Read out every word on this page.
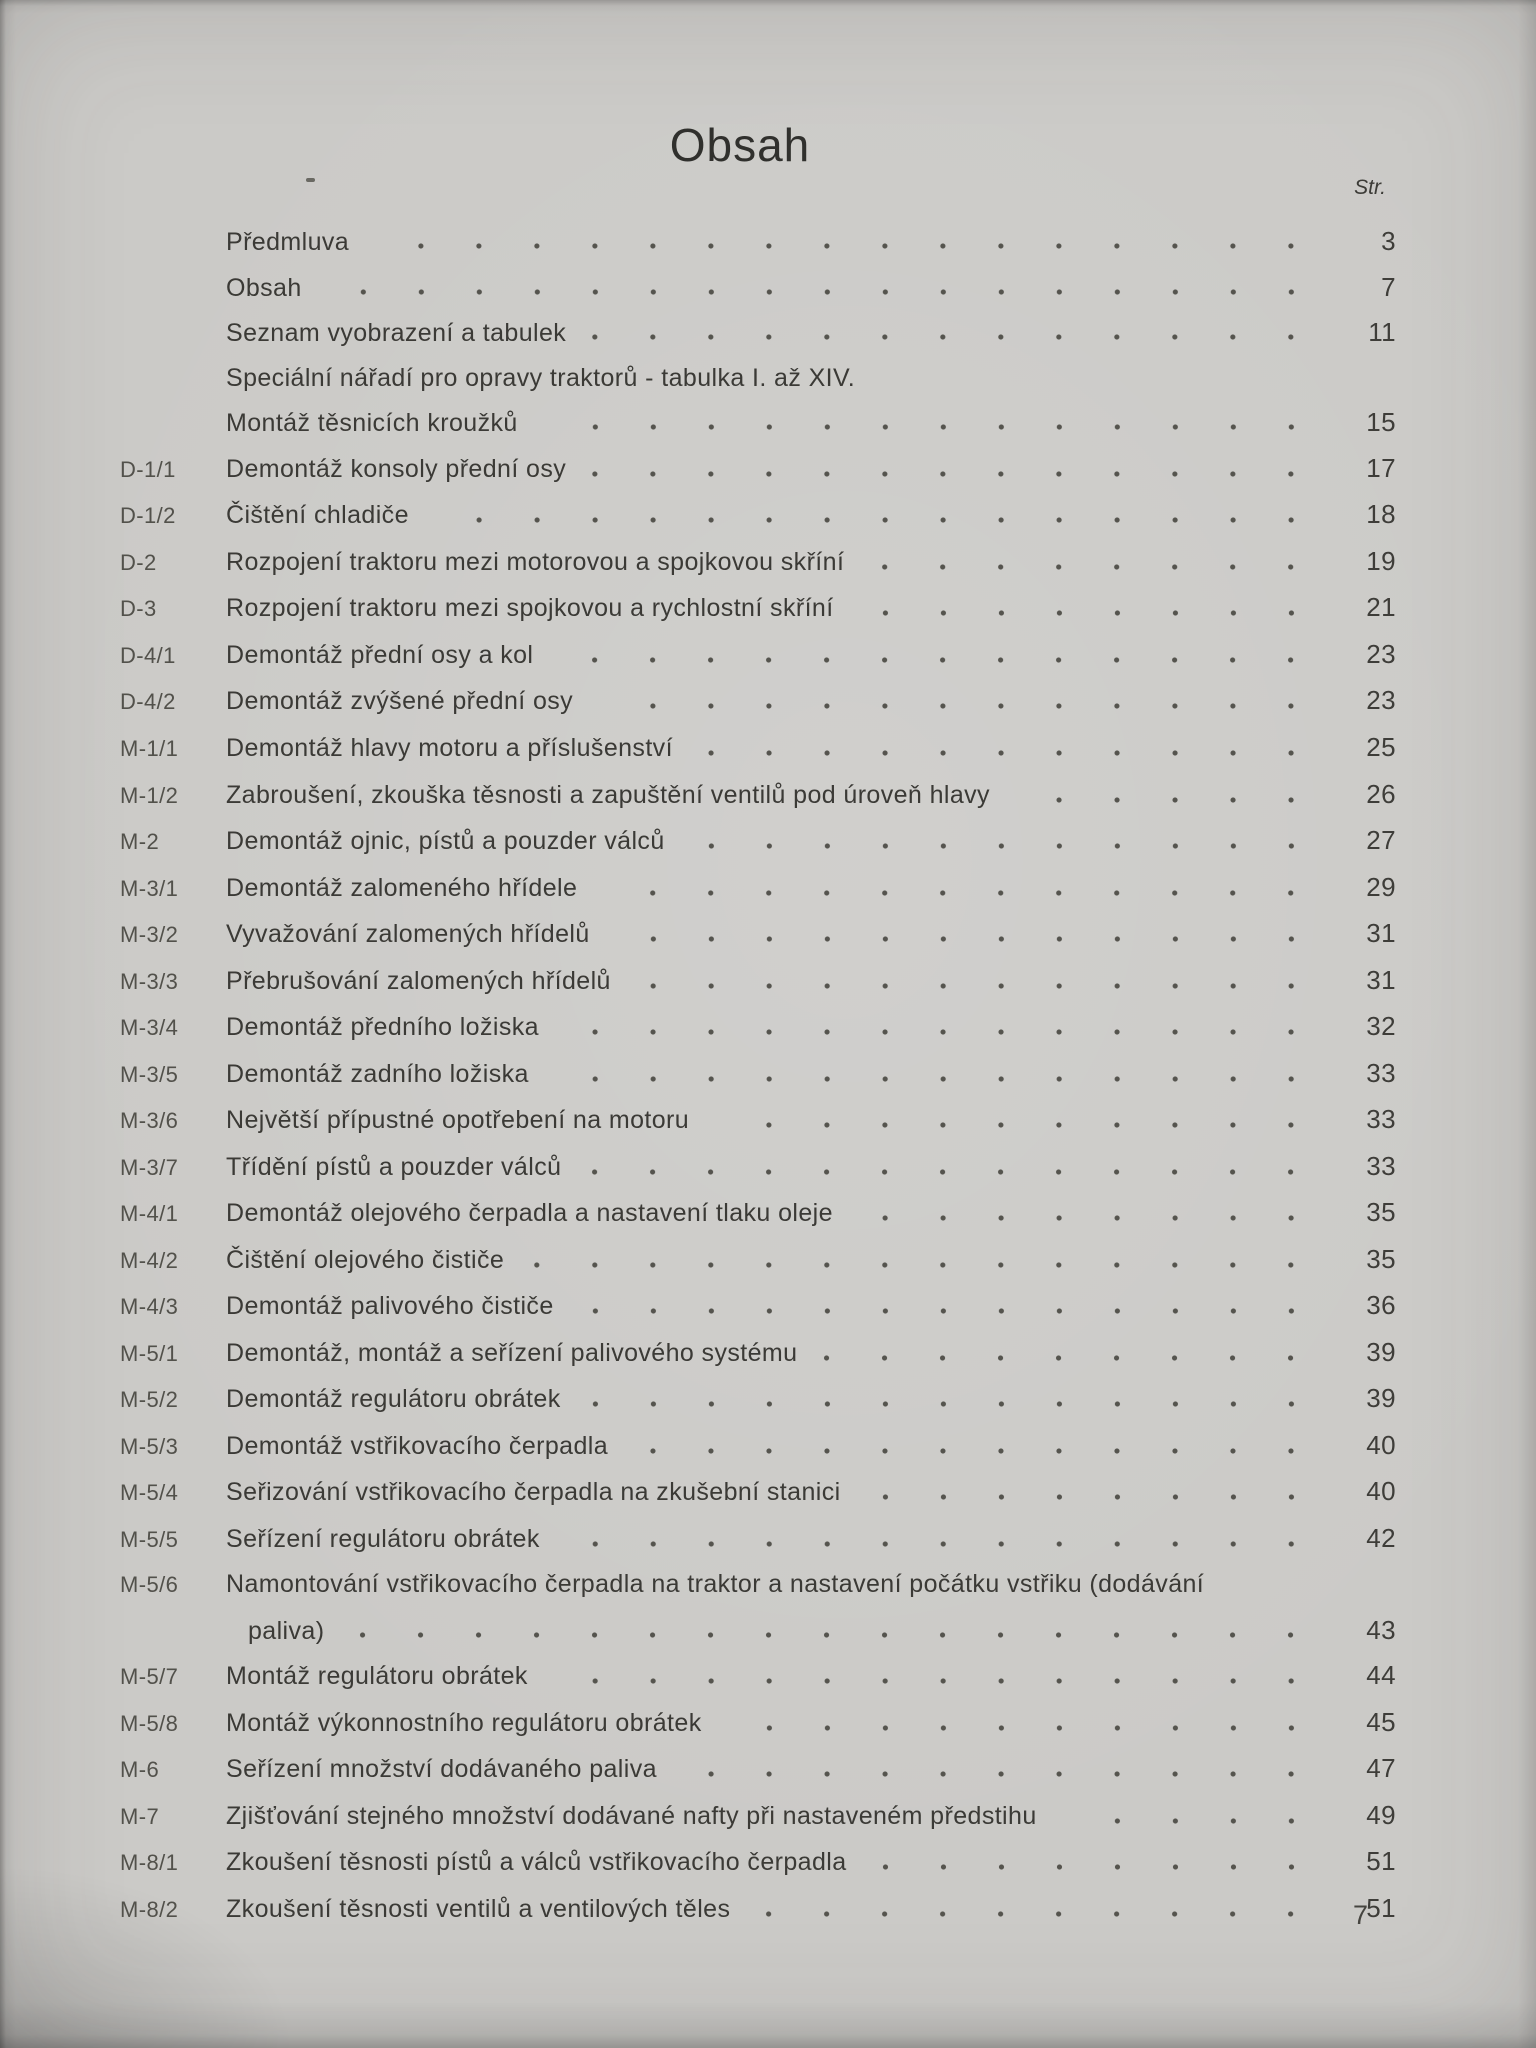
Obsah
Str.
Předmluva	3
Obsah	7
Seznam vyobrazení a tabulek	11
Speciální nářadí pro opravy traktorů - tabulka I. až XIV.
Montáž těsnicích kroužků	15
D-1/1	Demontáž konsoly přední osy	17
D-1/2	Čištění chladiče	18
D-2	Rozpojení traktoru mezi motorovou a spojkovou skříní	19
D-3	Rozpojení traktoru mezi spojkovou a rychlostní skříní	21
D-4/1	Demontáž přední osy a kol	23
D-4/2	Demontáž zvýšené přední osy	23
M-1/1	Demontáž hlavy motoru a příslušenství	25
M-1/2	Zabroušení, zkouška těsnosti a zapuštění ventilů pod úroveň hlavy	26
M-2	Demontáž ojnic, pístů a pouzder válců	27
M-3/1	Demontáž zalomeného hřídele	29
M-3/2	Vyvažování zalomených hřídelů	31
M-3/3	Přebrušování zalomených hřídelů	31
M-3/4	Demontáž předního ložiska	32
M-3/5	Demontáž zadního ložiska	33
M-3/6	Největší přípustné opotřebení na motoru	33
M-3/7	Třídění pístů a pouzder válců	33
M-4/1	Demontáž olejového čerpadla a nastavení tlaku oleje	35
M-4/2	Čištění olejového čističe	35
M-4/3	Demontáž palivového čističe	36
M-5/1	Demontáž, montáž a seřízení palivového systému	39
M-5/2	Demontáž regulátoru obrátek	39
M-5/3	Demontáž vstřikovacího čerpadla	40
M-5/4	Seřizování vstřikovacího čerpadla na zkušební stanici	40
M-5/5	Seřízení regulátoru obrátek	42
M-5/6	Namontování vstřikovacího čerpadla na traktor a nastavení počátku vstřiku (dodávání
paliva)	43
M-5/7	Montáž regulátoru obrátek	44
M-5/8	Montáž výkonnostního regulátoru obrátek	45
M-6	Seřízení množství dodávaného paliva	47
M-7	Zjišťování stejného množství dodávané nafty při nastaveném předstihu	49
M-8/1	Zkoušení těsnosti pístů a válců vstřikovacího čerpadla	51
M-8/2	Zkoušení těsnosti ventilů a ventilových těles	51
7
